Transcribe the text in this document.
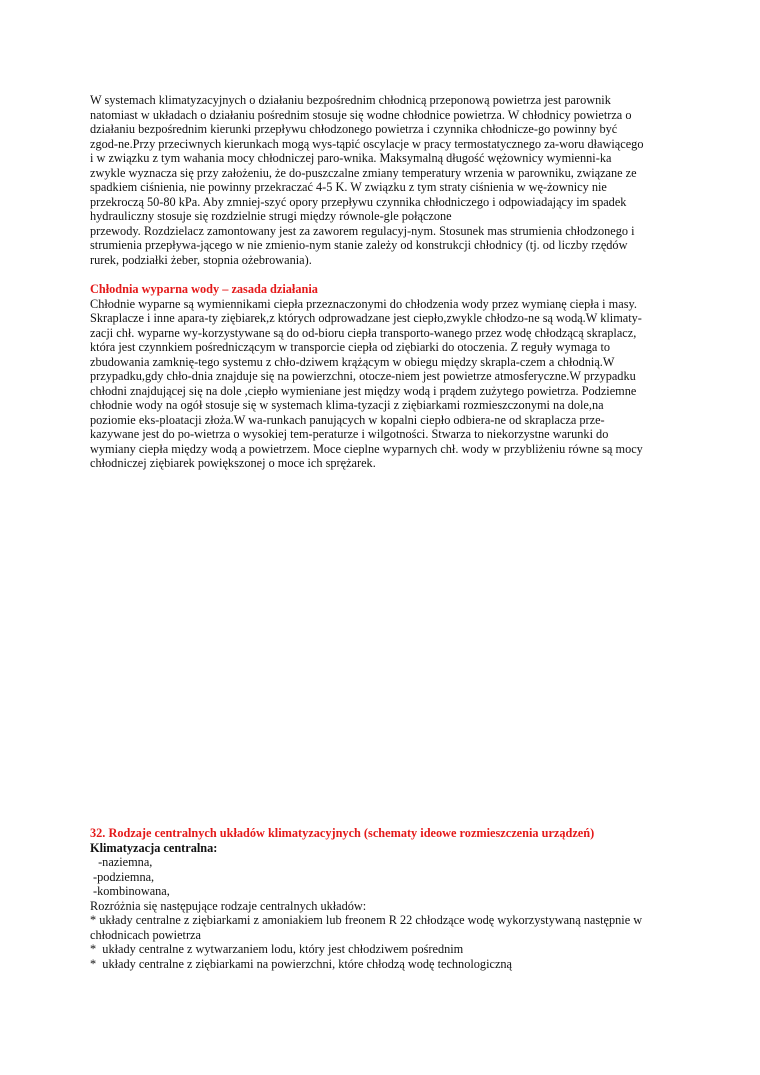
W systemach klimatyzacyjnych o działaniu bezpośrednim chłodnicą przeponową powietrza jest parownik
natomiast w układach o działaniu pośrednim stosuje się wodne chłodnice powietrza. W chłodnicy powietrza o
działaniu bezpośrednim kierunki przepływu chłodzonego powietrza i czynnika chłodnicze-go powinny być
zgod-ne.Przy przeciwnych kierunkach mogą wys-tąpić oscylacje w pracy termostatycznego za-woru dławiącego
i w związku z tym wahania mocy chłodniczej paro-wnika. Maksymalną długość wężownicy wymienni-ka
zwykle wyznacza się przy założeniu, że do-puszczalne zmiany temperatury wrzenia w parowniku, związane ze
spadkiem ciśnienia, nie powinny przekraczać 4-5 K. W związku z tym straty ciśnienia w wę-żownicy nie
przekroczą 50-80 kPa. Aby zmniej-szyć opory przepływu czynnika chłodniczego i odpowiadający im spadek
hydrauliczny stosuje się rozdzielnie strugi między równole-gle połączone
przewody. Rozdzielacz zamontowany jest za zaworem regulacyj-nym. Stosunek mas strumienia chłodzonego i
strumienia przepływa-jącego w nie zmienio-nym stanie zależy od konstrukcji chłodnicy (tj. od liczby rzędów
rurek, podziałki żeber, stopnia ożebrowania).
Chłodnia wyparna wody – zasada działania
Chłodnie wyparne są wymiennikami ciepła przeznaczonymi do chłodzenia wody przez wymianę ciepła i masy.
Skraplacze i inne apara-ty ziębiarek,z których odprowadzane jest ciepło,zwykle chłodzo-ne są wodą.W klimaty-
zacji chł. wyparne wy-korzystywane są do od-bioru ciepła transporto-wanego przez wodę chłodzącą skraplacz,
która jest czynnkiem pośredniczącym w transporcie ciepła od ziębiarki do otoczenia. Z reguły wymaga to
zbudowania zamknię-tego systemu z chło-dziwem krążącym w obiegu między skrapla-czem a chłodnią.W
przypadku,gdy chło-dnia znajduje się na powierzchni, otocze-niem jest powietrze atmosferyczne.W przypadku
chłodni znajdującej się na dole ,ciepło wymieniane jest między wodą i prądem zużytego powietrza. Podziemne
chłodnie wody na ogół stosuje się w systemach klima-tyzacji z ziębiarkami rozmieszczonymi na dole,na
poziomie eks-ploatacji złoża.W wa-runkach panujących w kopalni ciepło odbiera-ne od skraplacza prze-
kazywane jest do po-wietrza o wysokiej tem-peraturze i wilgotności. Stwarza to niekorzystne warunki do
wymiany ciepła między wodą a powietrzem. Moce cieplne wyparnych chł. wody w przybliżeniu równe są mocy
chłodniczej ziębiarek powiększonej o moce ich sprężarek.
32. Rodzaje centralnych układów klimatyzacyjnych (schematy ideowe rozmieszczenia urządzeń)
Klimatyzacja centralna:
-naziemna,
-podziemna,
-kombinowana,
Rozróżnia się następujące rodzaje centralnych układów:
* układy centralne z ziębiarkami z amoniakiem lub freonem R 22 chłodzące wodę wykorzystywaną następnie w
chłodnicach powietrza
*  układy centralne z wytwarzaniem lodu, który jest chłodziwem pośrednim
*  układy centralne z ziębiarkami na powierzchni, które chłodzą wodę technologiczną
